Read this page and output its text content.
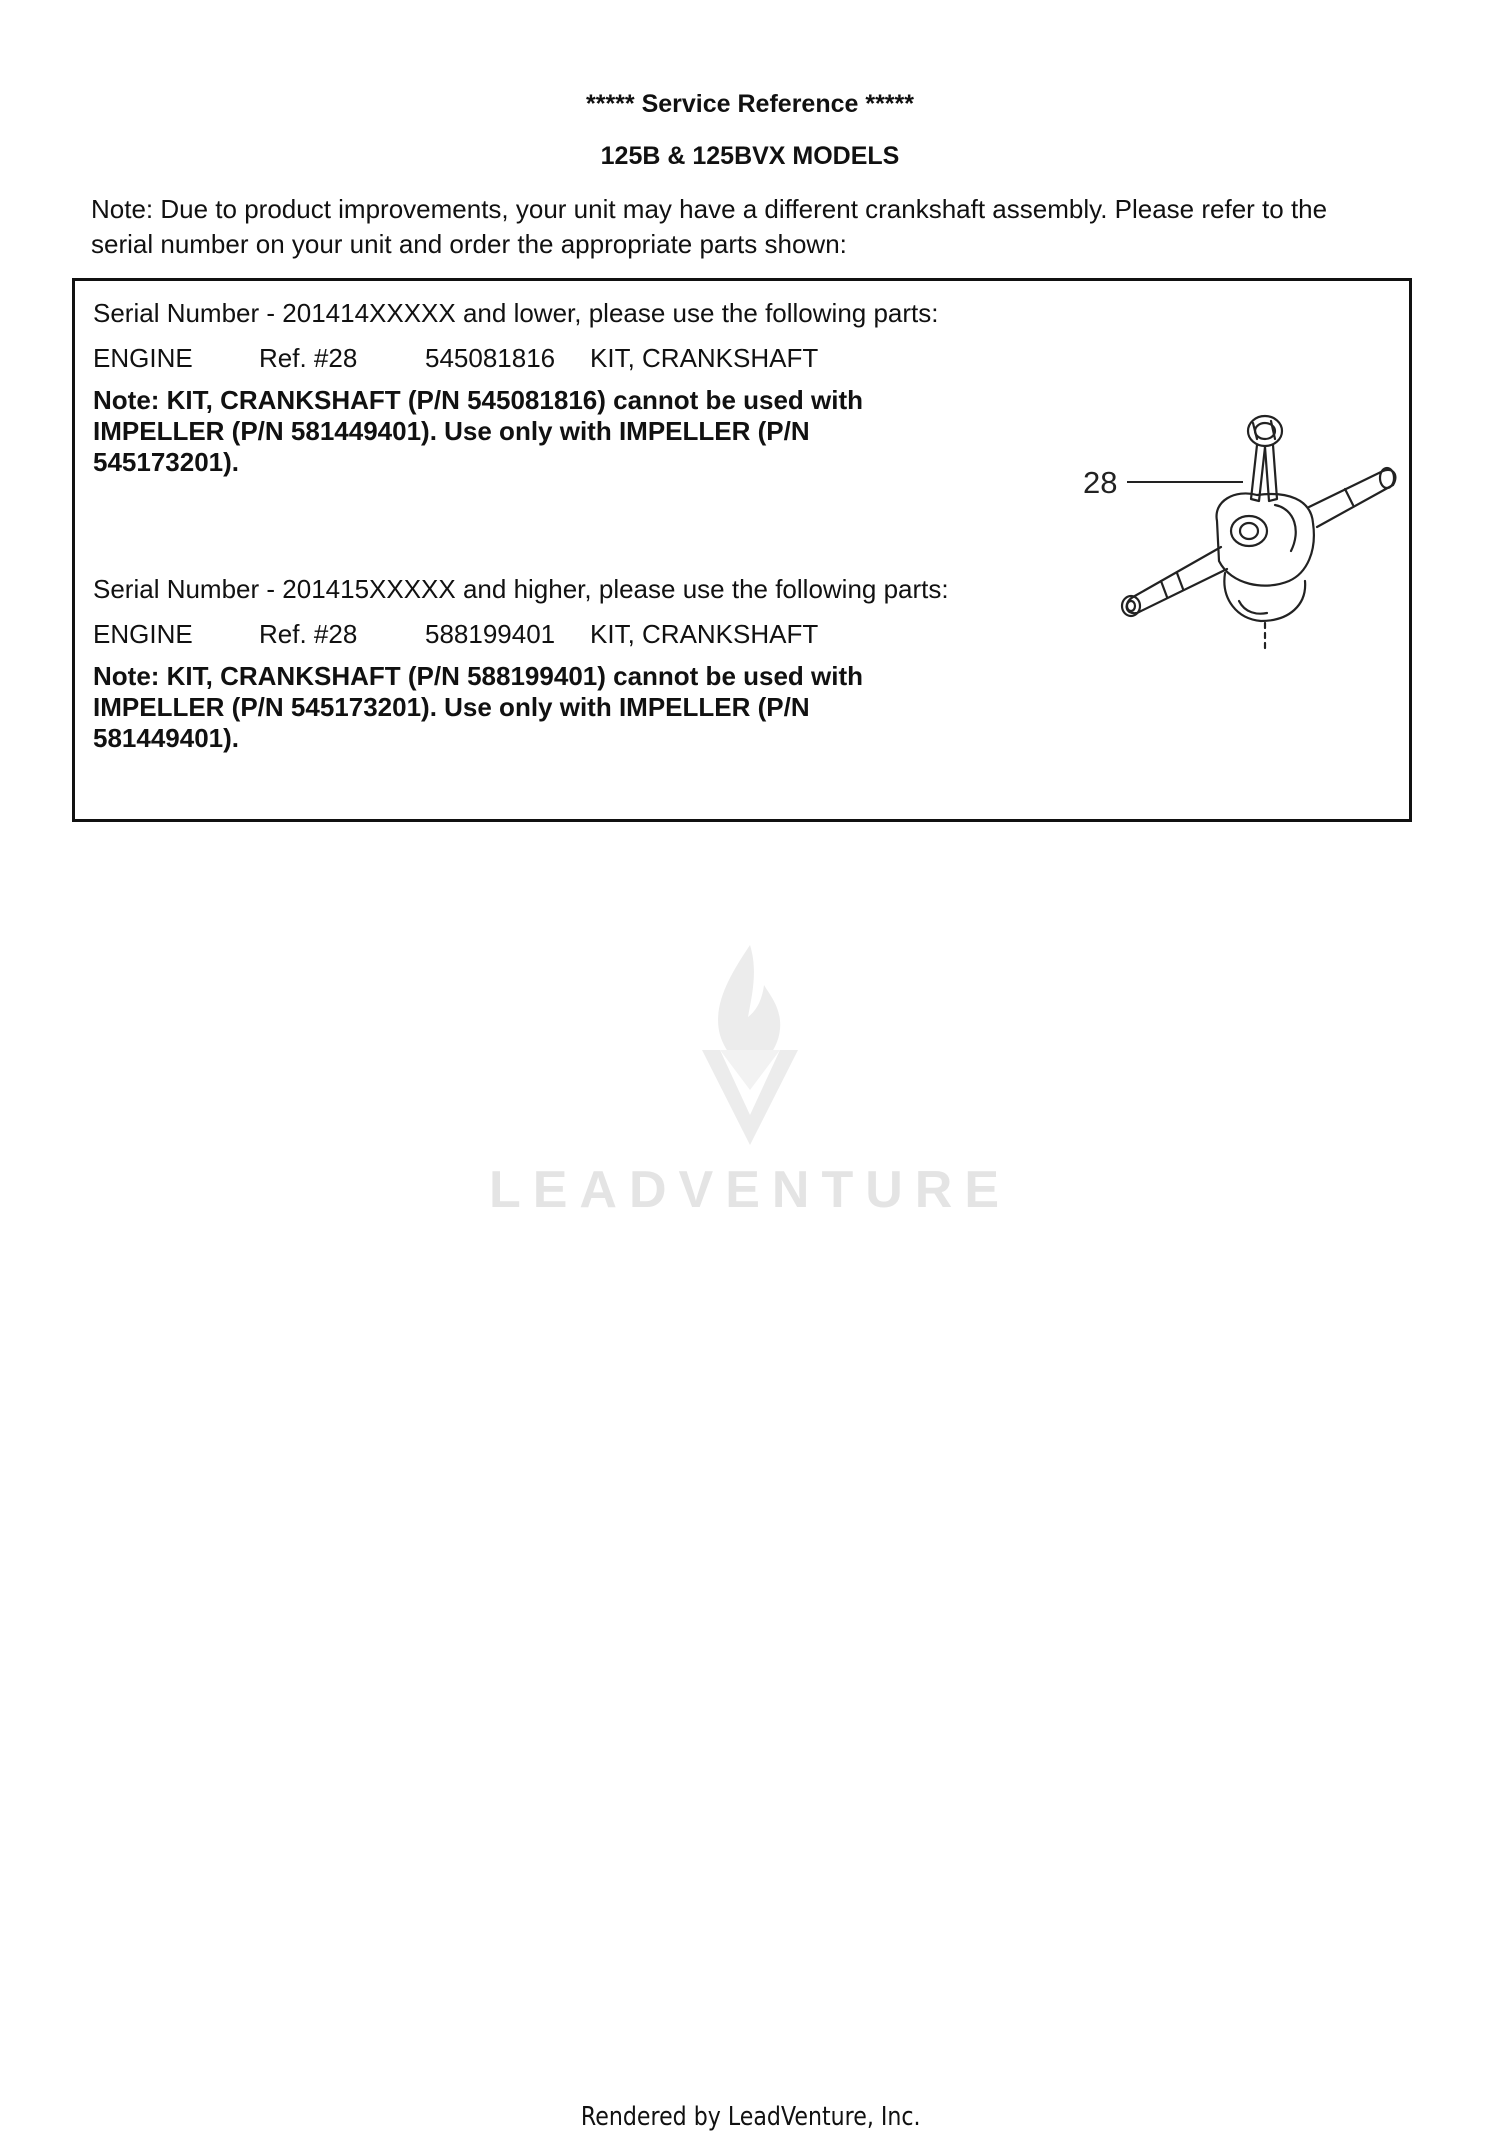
***** Service Reference *****
125B & 125BVX MODELS
Note: Due to product improvements, your unit may have a different crankshaft assembly. Please refer to the serial number on your unit and order the appropriate parts shown:
Serial Number - 201414XXXXX and lower, please use the following parts:
ENGINE	Ref. #28	545081816 KIT, CRANKSHAFT
Note: KIT, CRANKSHAFT (P/N 545081816) cannot be used with IMPELLER (P/N 581449401). Use only with IMPELLER (P/N 545173201).
Serial Number - 201415XXXXX and higher, please use the following parts:
ENGINE	Ref. #28	588199401 KIT, CRANKSHAFT
Note: KIT, CRANKSHAFT (P/N 588199401) cannot be used with IMPELLER (P/N 545173201). Use only with IMPELLER (P/N 581449401).
28
LEADVENTURE
Rendered by LeadVenture, Inc.
